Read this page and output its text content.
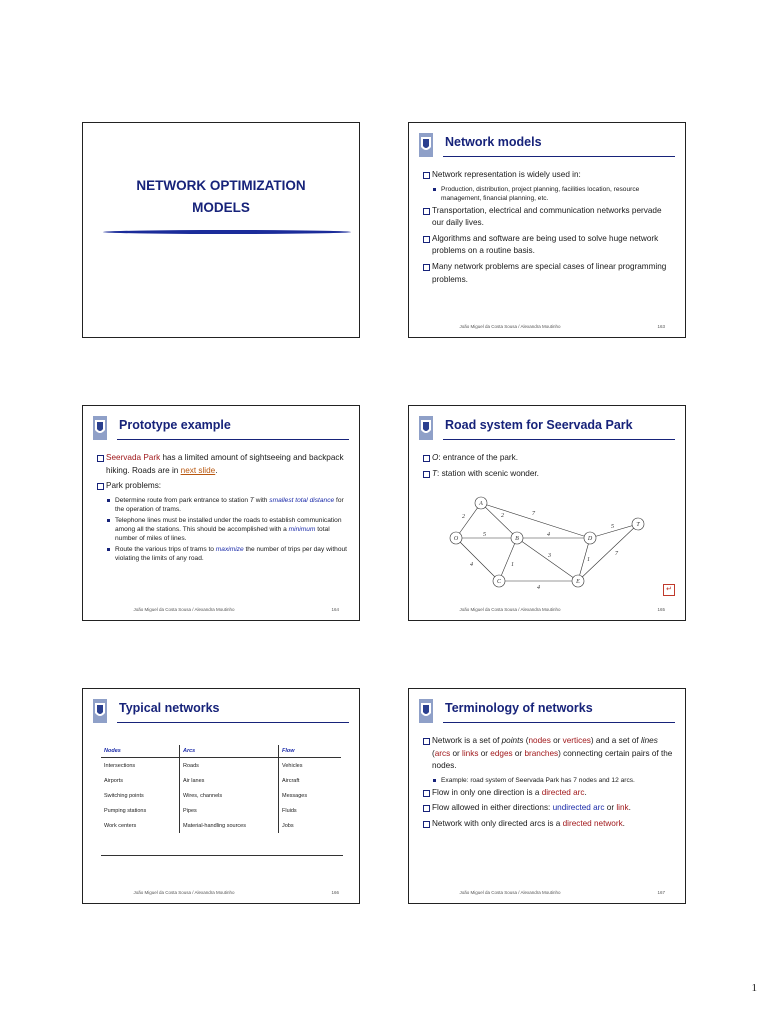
NETWORK OPTIMIZATION
MODELS
Network models
Network representation is widely used in:
Production, distribution, project planning, facilities location, resource management, financial planning, etc.
Transportation, electrical and communication networks pervade our daily lives.
Algorithms and software are being used to solve huge network problems on a routine basis.
Many network problems are special cases of linear programming problems.
João Miguel da Costa Sousa / Alexandra Moutinho	163
Prototype example
Seervada Park has a limited amount of sightseeing and backpack hiking. Roads are in next slide.
Park problems:
Determine route from park entrance to station T with smallest total distance for the operation of trams.
Telephone lines must be installed under the roads to establish communication among all the stations. This should be accomplished with a minimum total number of miles of lines.
Route the various trips of trams to maximize the number of trips per day without violating the limits of any road.
João Miguel da Costa Sousa / Alexandra Moutinho	164
Road system for Seervada Park
O: entrance of the park.
T: station with scenic wonder.
2
5
4
2	7
4
1
3
4
1
5
7
O
A
B
C
D
E
T
↵
João Miguel da Costa Sousa / Alexandra Moutinho	165
Typical networks
Nodes	Arcs	Flow
Intersections	Roads	Vehicles
Airports	Air lanes	Aircraft
Switching points	Wires, channels	Messages
Pumping stations	Pipes	Fluids
Work centers	Material-handling sources	Jobs
João Miguel da Costa Sousa / Alexandra Moutinho	166
Terminology of networks
Network is a set of points (nodes or vertices) and a set of lines (arcs or links or edges or branches) connecting certain pairs of the nodes.
Example: road system of Seervada Park has 7 nodes and 12 arcs.
Flow in only one direction is a directed arc.
Flow allowed in either directions: undirected arc or link.
Network with only directed arcs is a directed network.
João Miguel da Costa Sousa / Alexandra Moutinho	167
1
